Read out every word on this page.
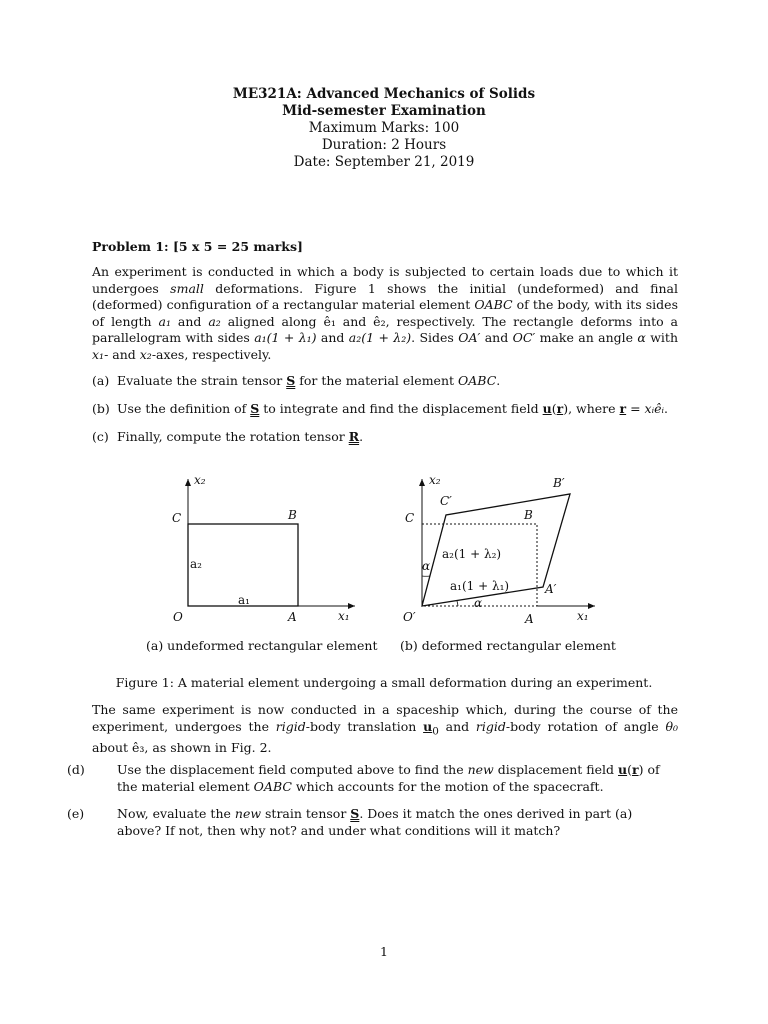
ME321A: Advanced Mechanics of Solids
Mid-semester Examination
Maximum Marks: 100
Duration: 2 Hours
Date: September 21, 2019
Problem 1: [5 x 5 = 25 marks]
An experiment is conducted in which a body is subjected to certain loads due to which it undergoes small deformations. Figure 1 shows the initial (undeformed) and final (deformed) configuration of a rectangular material element OABC of the body, with its sides of length a₁ and a₂ aligned along ê₁ and ê₂, respectively. The rectangle deforms into a parallelogram with sides a₁(1 + λ₁) and a₂(1 + λ₂). Sides OA′ and OC′ make an angle α with x₁- and x₂-axes, respectively.
(a) Evaluate the strain tensor S for the material element OABC.
(b) Use the definition of S to integrate and find the displacement field u(r), where r = xᵢêᵢ.
(c) Finally, compute the rotation tensor R.
x₂
x₁
C	B
O	A
a₂
a₁
x₂
x₁
C
C′
B
B′
O′	A
A′
α
α
a₂(1 + λ₂)
a₁(1 + λ₁)
(a) undeformed rectangular element (b) deformed rectangular element
Figure 1: A material element undergoing a small deformation during an experiment.
The same experiment is now conducted in a spaceship which, during the course of the experiment, undergoes the rigid-body translation $u_0$ and rigid-body rotation of angle θ₀ about ê₃, as shown in Fig. 2.
(d)	Use the displacement field computed above to find the new displacement field u(r) of the material element OABC which accounts for the motion of the spacecraft.
(e)	Now, evaluate the new strain tensor S. Does it match the ones derived in part (a) above? If not, then why not? and under what conditions will it match?
1
